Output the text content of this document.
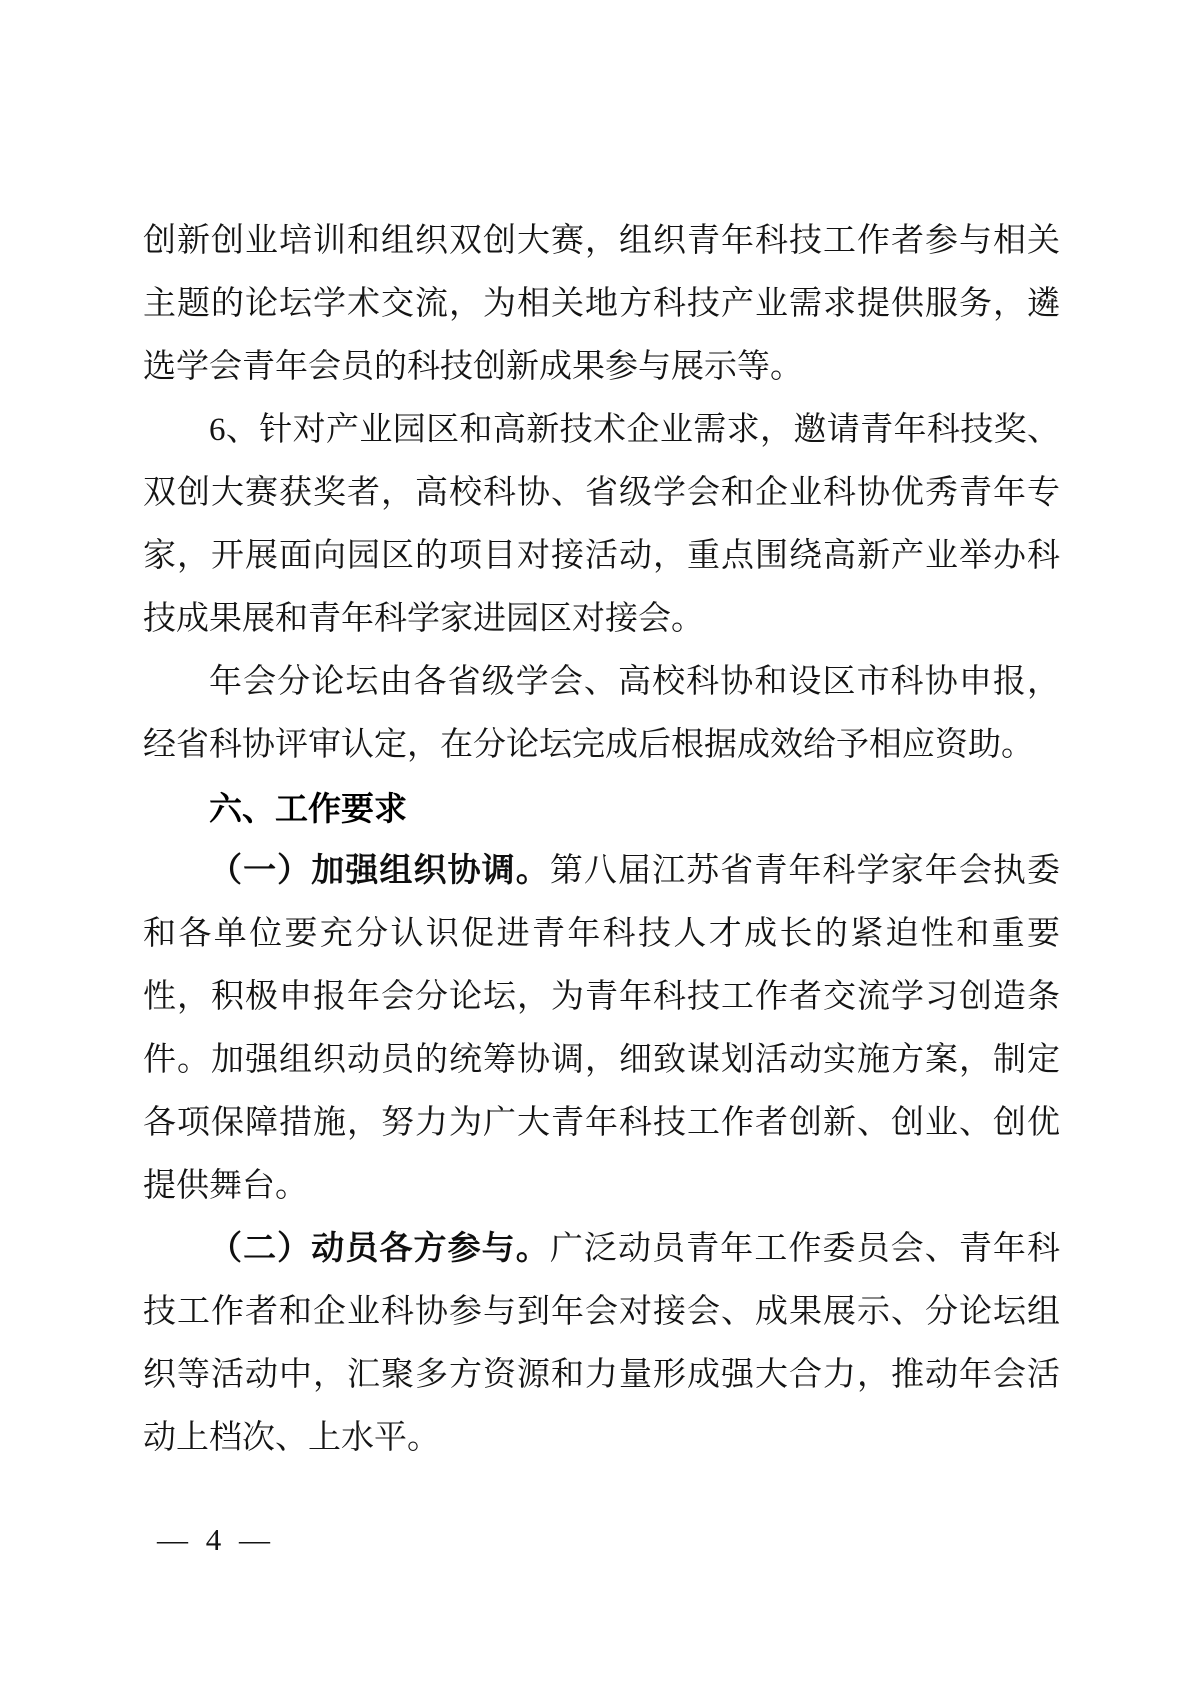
创新创业培训和组织双创大赛，组织青年科技工作者参与相关
主题的论坛学术交流，为相关地方科技产业需求提供服务，遴
选学会青年会员的科技创新成果参与展示等。
6、针对产业园区和高新技术企业需求，邀请青年科技奖、
双创大赛获奖者，高校科协、省级学会和企业科协优秀青年专
家，开展面向园区的项目对接活动，重点围绕高新产业举办科
技成果展和青年科学家进园区对接会。
年会分论坛由各省级学会、高校科协和设区市科协申报，
经省科协评审认定，在分论坛完成后根据成效给予相应资助。
六、工作要求
（一）加强组织协调。第八届江苏省青年科学家年会执委
和各单位要充分认识促进青年科技人才成长的紧迫性和重要
性，积极申报年会分论坛，为青年科技工作者交流学习创造条
件。加强组织动员的统筹协调，细致谋划活动实施方案，制定
各项保障措施，努力为广大青年科技工作者创新、创业、创优
提供舞台。
（二）动员各方参与。广泛动员青年工作委员会、青年科
技工作者和企业科协参与到年会对接会、成果展示、分论坛组
织等活动中，汇聚多方资源和力量形成强大合力，推动年会活
动上档次、上水平。
— 4 —
